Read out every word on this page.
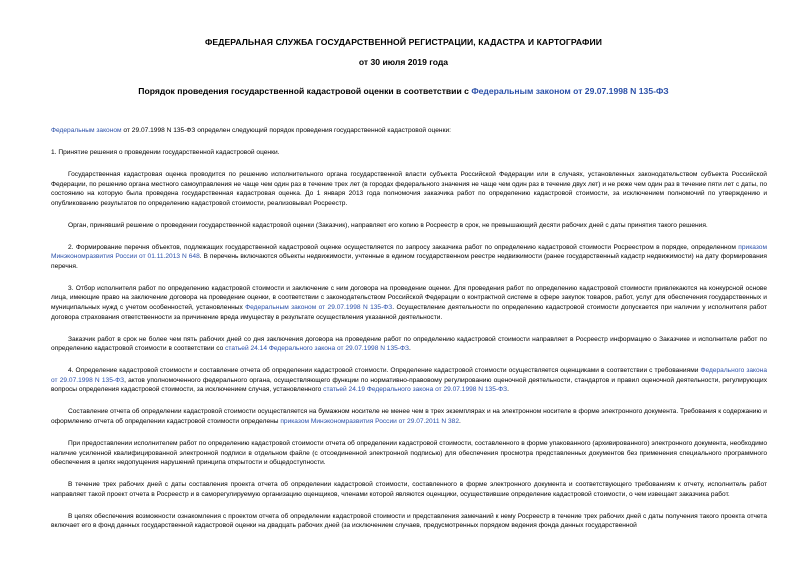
ФЕДЕРАЛЬНАЯ СЛУЖБА ГОСУДАРСТВЕННОЙ РЕГИСТРАЦИИ, КАДАСТРА И КАРТОГРАФИИ
от 30 июля 2019 года
Порядок проведения государственной кадастровой оценки в соответствии с Федеральным законом от 29.07.1998 N 135-ФЗ

Федеральным законом от 29.07.1998 N 135-ФЗ определен следующий порядок проведения государственной кадастровой оценки:

1. Принятие решения о проведении государственной кадастровой оценки.

Государственная кадастровая оценка проводится по решению исполнительного органа государственной власти субъекта Российской Федерации или в случаях, установленных законодательством субъекта Российской Федерации, по решению органа местного самоуправления не чаще чем один раз в течение трех лет (в городах федерального значения не чаще чем один раз в течение двух лет) и не реже чем один раз в течение пяти лет с даты, по состоянию на которую была проведена государственная кадастровая оценка. До 1 января 2013 года полномочия заказчика работ по определению кадастровой стоимости, за исключением полномочий по утверждению и опубликованию результатов по определению кадастровой стоимости, реализовывал Росреестр.

Орган, принявший решение о проведении государственной кадастровой оценки (Заказчик), направляет его копию в Росреестр в срок, не превышающий десяти рабочих дней с даты принятия такого решения.

2. Формирование перечня объектов, подлежащих государственной кадастровой оценке осуществляется по запросу заказчика работ по определению кадастровой стоимости Росреестром в порядке, определенном приказом Минэкономразвития России от 01.11.2013 N 648. В перечень включаются объекты недвижимости, учтенные в едином государственном реестре недвижимости (ранее государственный кадастр недвижимости) на дату формирования перечня.

3. Отбор исполнителя работ по определению кадастровой стоимости и заключение с ним договора на проведение оценки. Для проведения работ по определению кадастровой стоимости привлекаются на конкурсной основе лица, имеющие право на заключение договора на проведение оценки, в соответствии с законодательством Российской Федерации о контрактной системе в сфере закупок товаров, работ, услуг для обеспечения государственных и муниципальных нужд с учетом особенностей, установленных Федеральным законом от 29.07.1998 N 135-ФЗ. Осуществление деятельности по определению кадастровой стоимости допускается при наличии у исполнителя работ договора страхования ответственности за причинение вреда имуществу в результате осуществления указанной деятельности.

Заказчик работ в срок не более чем пять рабочих дней со дня заключения договора на проведение работ по определению кадастровой стоимости направляет в Росреестр информацию о Заказчике и исполнителе работ по определению кадастровой стоимости в соответствии со статьей 24.14 Федерального закона от 29.07.1998 N 135-ФЗ.

4. Определение кадастровой стоимости и составление отчета об определении кадастровой стоимости. Определение кадастровой стоимости осуществляется оценщиками в соответствии с требованиями Федерального закона от 29.07.1998 N 135-ФЗ, актов уполномоченного федерального органа, осуществляющего функции по нормативно-правовому регулированию оценочной деятельности, стандартов и правил оценочной деятельности, регулирующих вопросы определения кадастровой стоимости, за исключением случая, установленного статьей 24.19 Федерального закона от 29.07.1998 N 135-ФЗ.

Составление отчета об определении кадастровой стоимости осуществляется на бумажном носителе не менее чем в трех экземплярах и на электронном носителе в форме электронного документа. Требования к содержанию и оформлению отчета об определении кадастровой стоимости определены приказом Минэкономразвития России от 29.07.2011 N 382.

При предоставлении исполнителем работ по определению кадастровой стоимости отчета об определении кадастровой стоимости, составленного в форме упакованного (архивированного) электронного документа, необходимо наличие усиленной квалифицированной электронной подписи в отдельном файле (с отсоединенной электронной подписью) для обеспечения просмотра представленных документов без применения специального программного обеспечения в целях недопущения нарушений принципа открытости и общедоступности.

В течение трех рабочих дней с даты составления проекта отчета об определении кадастровой стоимости, составленного в форме электронного документа и соответствующего требованиям к отчету, исполнитель работ направляет такой проект отчета в Росреестр и в саморегулируемую организацию оценщиков, членами которой являются оценщики, осуществившие определение кадастровой стоимости, о чем извещает заказчика работ.

В целях обеспечения возможности ознакомления с проектом отчета об определении кадастровой стоимости и представления замечаний к нему Росреестр в течение трех рабочих дней с даты получения такого проекта отчета включает его в фонд данных государственной кадастровой оценки на двадцать рабочих дней (за исключением случаев, предусмотренных порядком ведения фонда данных государственной
